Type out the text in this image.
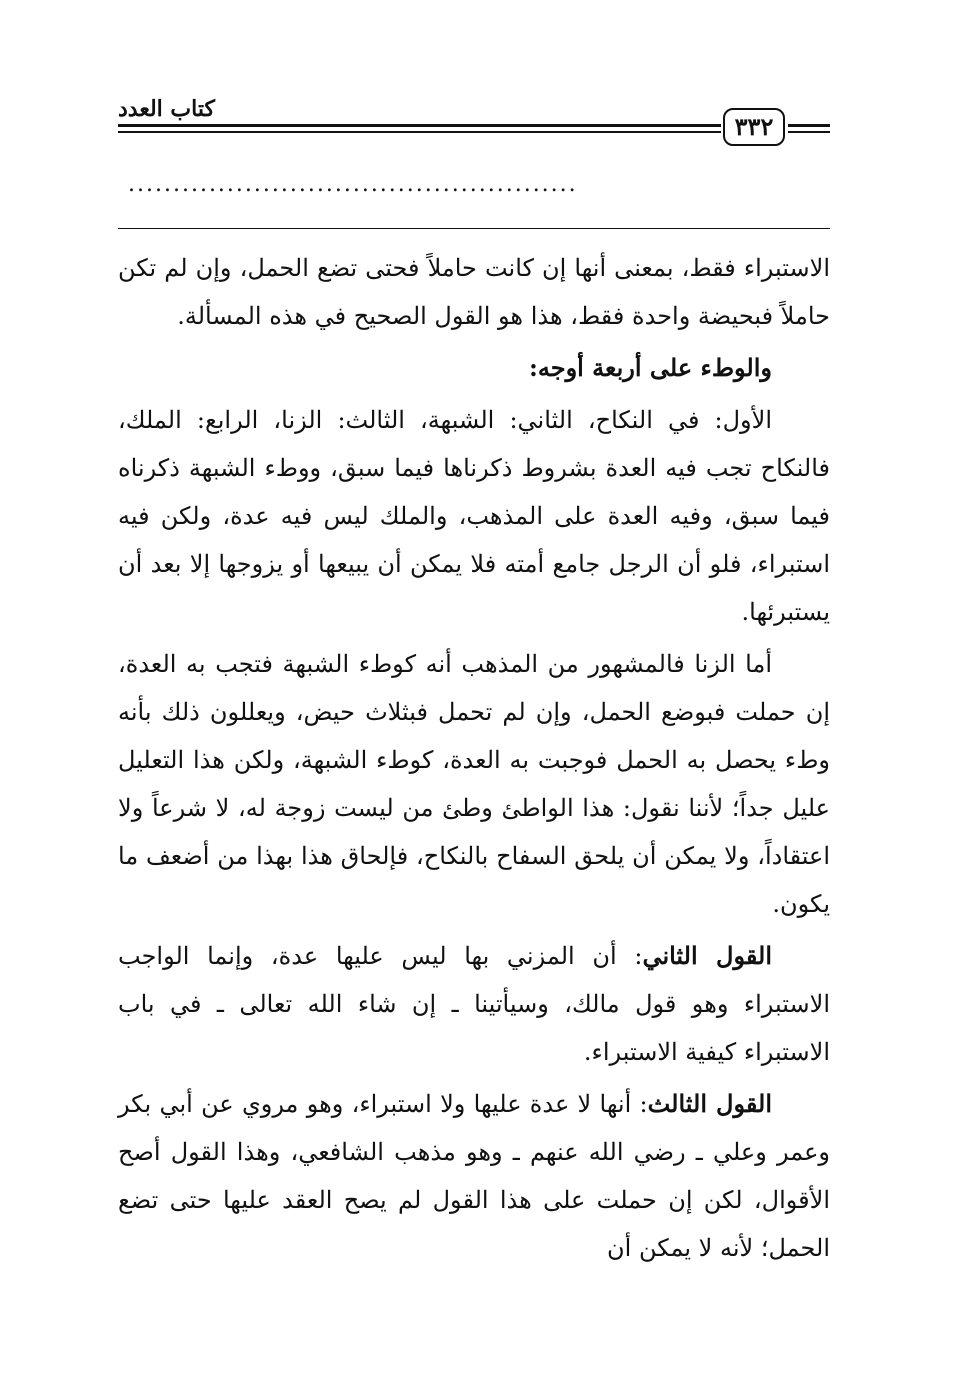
كتاب العدد
٣٣٢
..................................................

الاستبراء فقط، بمعنى أنها إن كانت حاملاً فحتى تضع الحمل، وإن لم تكن حاملاً فبحيضة واحدة فقط، هذا هو القول الصحيح في هذه المسألة.

والوطء على أربعة أوجه:

الأول: في النكاح، الثاني: الشبهة، الثالث: الزنا، الرابع: الملك، فالنكاح تجب فيه العدة بشروط ذكرناها فيما سبق، ووطء الشبهة ذكرناه فيما سبق، وفيه العدة على المذهب، والملك ليس فيه عدة، ولكن فيه استبراء، فلو أن الرجل جامع أمته فلا يمكن أن يبيعها أو يزوجها إلا بعد أن يستبرئها.

أما الزنا فالمشهور من المذهب أنه كوطء الشبهة فتجب به العدة، إن حملت فبوضع الحمل، وإن لم تحمل فبثلاث حيض، ويعللون ذلك بأنه وطء يحصل به الحمل فوجبت به العدة، كوطء الشبهة، ولكن هذا التعليل عليل جداً؛ لأننا نقول: هذا الواطئ وطئ من ليست زوجة له، لا شرعاً ولا اعتقاداً، ولا يمكن أن يلحق السفاح بالنكاح، فإلحاق هذا بهذا من أضعف ما يكون.

القول الثاني: أن المزني بها ليس عليها عدة، وإنما الواجب الاستبراء وهو قول مالك، وسيأتينا ـ إن شاء الله تعالى ـ في باب الاستبراء كيفية الاستبراء.

القول الثالث: أنها لا عدة عليها ولا استبراء، وهو مروي عن أبي بكر وعمر وعلي ـ رضي الله عنهم ـ وهو مذهب الشافعي، وهذا القول أصح الأقوال، لكن إن حملت على هذا القول لم يصح العقد عليها حتى تضع الحمل؛ لأنه لا يمكن أن
